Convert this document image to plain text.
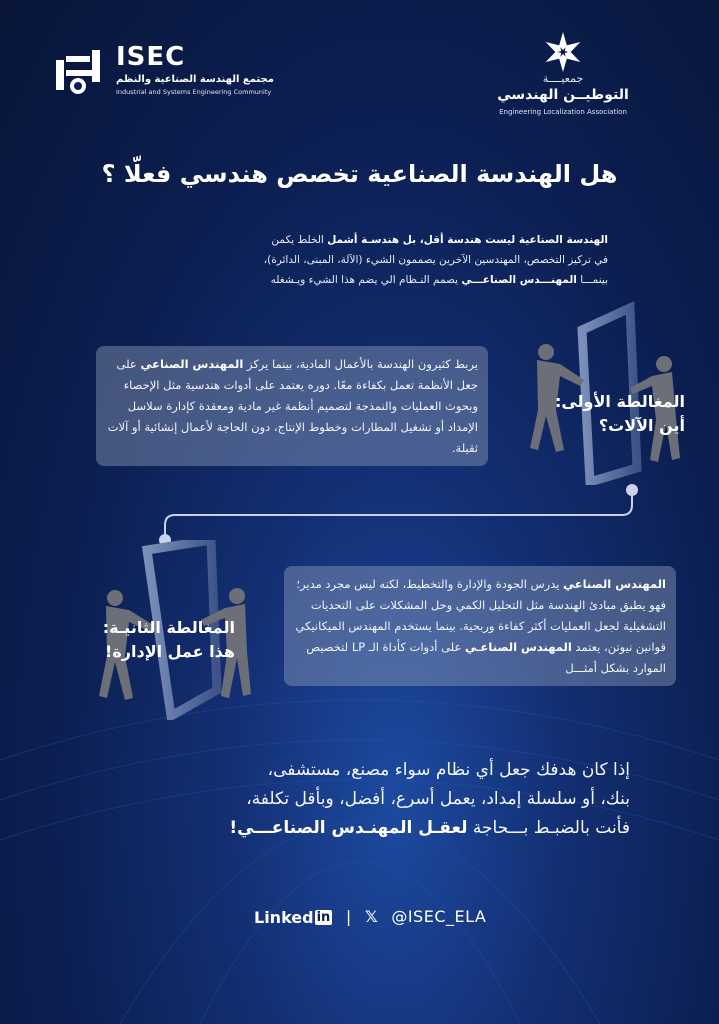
ISEC
مجتمع الهندسة الصناعية والنظم
Industrial and Systems Engineering Community
جمعيــــة
التوطيــن الهندسي
Engineering Localization Association
هل الهندسة الصناعية تخصص هندسي فعلّا ؟
الهندسة الصناعية ليست هندسة أقل، بل هندسـة أشمل الخلط يكمن
في تركيز التخصص، المهندسين الآخرين يصممون الشيء (الآلة، المبنى، الدائرة)،
بينمـــا المهنـــدس الصناعـــي يصمم النـظام الي يضم هذا الشيء ويـشغله
المغالطة الأولى:
أين الآلات؟
يربط كثيرون الهندسة بالأعمال المادية، بينما يركز المهندس الصناعي على جعل الأنظمة تعمل بكفاءة معًا. دوره يعتمد على أدوات هندسية مثل الإحصاء وبحوث العمليات والنمذجة لتصميم أنظمة غير مادية ومعقدة كإدارة سلاسل الإمداد أو تشغيل المطارات وخطوط الإنتاج، دون الحاجة لأعمال إنشائية أو آلات ثقيلة.
المغالطة الثانيـة:
هذا عمل الإدارة!
المهندس الصناعي يدرس الجودة والإدارة والتخطيط، لكنه ليس مجرد مدير؛ فهو يطبق مبادئ الهندسة مثل التحليل الكمي وحل المشكلات على التحديات التشغيلية لجعل العمليات أكثر كفاءة وربحية. بينما يستخدم المهندس الميكانيكي قوانين نيوتن، يعتمد المهندس الصناعـي على أدوات كأداة الـ LP لتخصيص الموارد بشكل أمثـــل
إذا كان هدفك جعل أي نظام سواء مصنع، مستشفى،
بنك، أو سلسلة إمداد، يعمل أسرع، أفضل، وبأقل تكلفة،
فأنت بالضبـط بـــحاجة لعقـل المهنـدس الصناعـــي!
Linked in | 𝕏 @ISEC_ELA
